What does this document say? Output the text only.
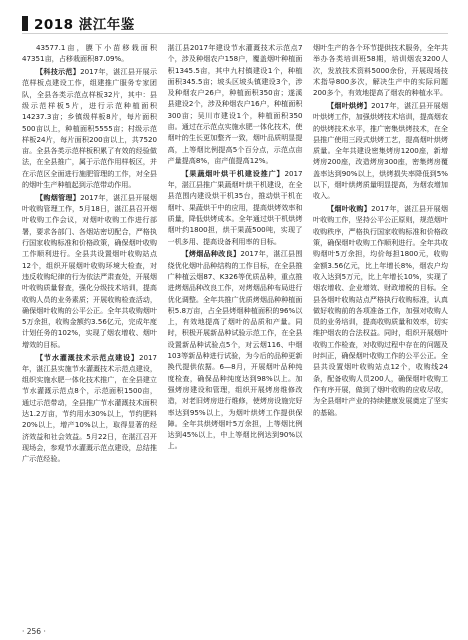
2018 湛江年鉴

43577.1亩，膜下小苗移栽面积47351亩，占移栽面积87.09%。

【科技示范】2017年，湛江县开展示范样板点建设工作，组建推广服务专家团队，全县各类示范点样板32片，其中：县级示范样板5片，进行示范种植面积14237.3亩；乡镇级样板8片，每片面积500亩以上，种植面积5555亩；村级示范样板24片，每片面积200亩以上，共7520亩。全县各类示范样板积累了有效的经验做法，在全县推广，属于示范作用样板区，并在示范区全面进行施肥管理的工作，对全县的烟叶生产种植起到示范带动作用。

【购烟管理】2017年，湛江县开展烟叶收购管理工作，5月18日，湛江县召开烟叶收购工作会议，对烟叶收购工作进行部署，要求各部门、各烟站密切配合，严格执行国家收购标准和价格政策，确保烟叶收购工作顺利进行。全县共设置烟叶收购站点12个，组织开展烟叶收购环境大检查，对违反收购纪律的行为依法严肃查处，开展烟叶收购质量督查，强化分级技术培训，提高收购人员的业务素质；开展收购检查活动，确保烟叶收购的公平公正。全年共收购烟叶5万余担，收购金额约3.56亿元，完成年度计划任务的102%，实现了烟农增收、烟叶增效的目标。

【节水灌溉技术示范点建设】2017年，湛江县实施节水灌溉技术示范点建设，组织实施水肥一体化技术推广，在全县建立节水灌溉示范点8个，示范面积1500亩，通过示范带动，全县推广节水灌溉技术面积达1.2万亩，节约用水30%以上，节约肥料20%以上，增产10%以上，取得显著的经济效益和社会效益。5月22日，在湛江召开现场会，参观节水灌溉示范点建设，总结推广示范经验。

湛江县2017年建设节水灌溉技术示范点7个，涉及种烟农户158户，覆盖烟叶种植面积1345.5亩，其中九村镇建设1个，种植面积345.5亩；坡头区坡头镇建设3个，涉及种烟农户26户，种植面积350亩；遂溪县建设2个，涉及种烟农户16户，种植面积300亩；吴川市建设1个，种植面积350亩。通过在示范点实施水肥一体化技术，使烟叶的生长更加整齐一致，烟叶品质明显提高，上等烟比例提高5个百分点，示范点亩产量提高8%，亩产值提高12%。

【果蔬烟叶烘干机建设推广】2017年，湛江县推广果蔬烟叶烘干机建设，在全县范围内建设烘干机35台，推动烘干机在烟叶、果蔬烘干中的应用，提高烘烤效率和质量，降低烘烤成本。全年通过烘干机烘烤烟叶约1800担，烘干果蔬500吨，实现了一机多用、提高设备利用率的目标。

【烤烟品种改良】2017年，湛江县围绕优化烟叶品种结构的工作目标，在全县推广种植云烟87、K326等优质品种，重点推进烤烟品种改良工作，对烤烟品种布局进行优化调整。全年共推广优质烤烟品种种植面积5.8万亩，占全县烤烟种植面积的96%以上，有效地提高了烟叶的品质和产量。同时，积极开展新品种试验示范工作，在全县设置新品种试验点5个，对云烟116、中烟103等新品种进行试验，为今后的品种更新换代提供依据。6—8月，开展烟叶品种纯度检查，确保品种纯度达到98%以上。加强烤房建设和管理，组织开展烤房维修改造，对老旧烤房进行维修，使烤房设施完好率达到95%以上，为烟叶烘烤工作提供保障。全年共烘烤烟叶5万余担，上等烟比例达到45%以上，中上等烟比例达到90%以上。

烟叶生产的各个环节提供技术服务，全年共举办各类培训班58期，培训烟农3200人次，发放技术资料5000余份，开展现场技术指导800多次，解决生产中的实际问题200多个，有效地提高了烟农的种植水平。

【烟叶烘烤】2017年，湛江县开展烟叶烘烤工作，加强烘烤技术培训，提高烟农的烘烤技术水平，推广密集烘烤技术，在全县推广使用三段式烘烤工艺，提高烟叶烘烤质量。全年共建设密集烤房1200座，新增烤房200座，改造烤房300座，密集烤房覆盖率达到90%以上，烘烤损失率降低到5%以下，烟叶烘烤质量明显提高，为烟农增加收入。

【烟叶收购】2017年，湛江县开展烟叶收购工作，坚持公平公正原则，规范烟叶收购秩序，严格执行国家收购标准和价格政策，确保烟叶收购工作顺利进行。全年共收购烟叶5万余担，均价每担1800元，收购金额3.56亿元，比上年增长8%，烟农户均收入达到5万元，比上年增长10%，实现了烟农增收、企业增效、财政增税的目标。全县各烟叶收购站点严格执行收购标准，认真做好收购前的各项准备工作，加强对收购人员的业务培训，提高收购质量和效率，切实维护烟农的合法权益。同时，组织开展烟叶收购工作检查，对收购过程中存在的问题及时纠正，确保烟叶收购工作的公平公正。全县共设置烟叶收购站点12个，收购线24条，配备收购人员200人，确保烟叶收购工作有序开展，做到了烟叶收购的应收尽收，为全县烟叶产业的持续健康发展奠定了坚实的基础。

· 256 ·
